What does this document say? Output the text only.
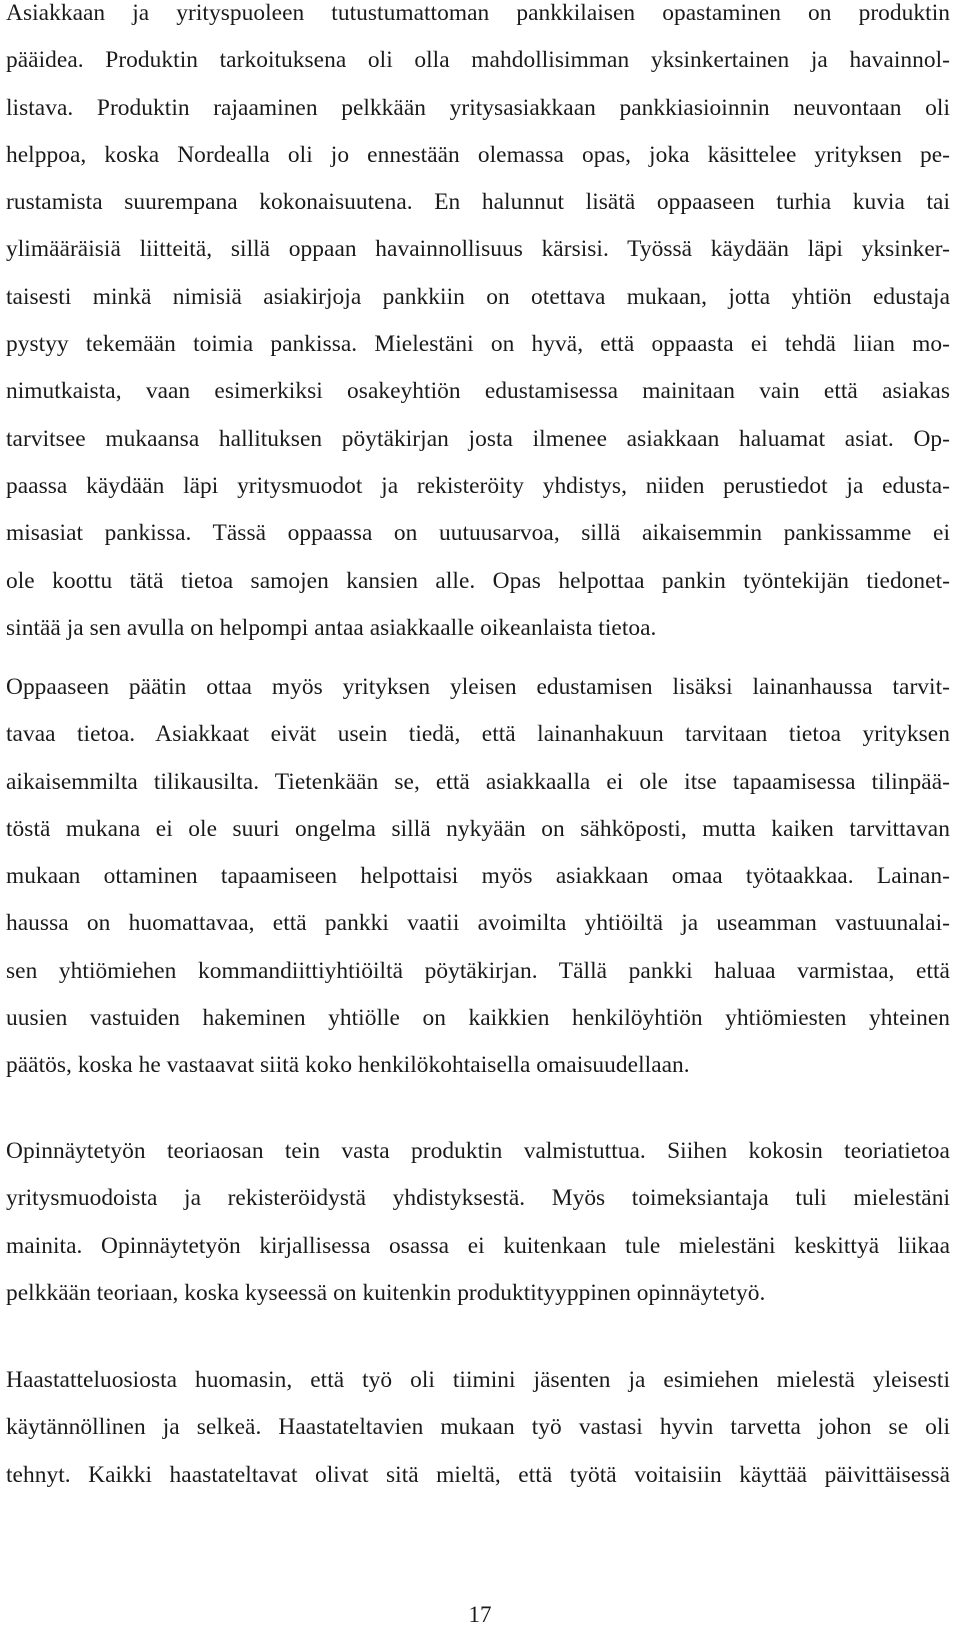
Asiakkaan ja yrityspuoleen tutustumattoman pankkilaisen opastaminen on produktin
pääidea. Produktin tarkoituksena oli olla mahdollisimman yksinkertainen ja havainnol-
listava. Produktin rajaaminen pelkkään yritysasiakkaan pankkiasioinnin neuvontaan oli
helppoa, koska Nordealla oli jo ennestään olemassa opas, joka käsittelee yrityksen pe-
rustamista suurempana kokonaisuutena. En halunnut lisätä oppaaseen turhia kuvia tai
ylimääräisiä liitteitä, sillä oppaan havainnollisuus kärsisi. Työssä käydään läpi yksinker-
taisesti minkä nimisiä asiakirjoja pankkiin on otettava mukaan, jotta yhtiön edustaja
pystyy tekemään toimia pankissa. Mielestäni on hyvä, että oppaasta ei tehdä liian mo-
nimutkaista, vaan esimerkiksi osakeyhtiön edustamisessa mainitaan vain että asiakas
tarvitsee mukaansa hallituksen pöytäkirjan josta ilmenee asiakkaan haluamat asiat. Op-
paassa käydään läpi yritysmuodot ja rekisteröity yhdistys, niiden perustiedot ja edusta-
misasiat pankissa. Tässä oppaassa on uutuusarvoa, sillä aikaisemmin pankissamme ei
ole koottu tätä tietoa samojen kansien alle. Opas helpottaa pankin työntekijän tiedonet-
sintää ja sen avulla on helpompi antaa asiakkaalle oikeanlaista tietoa.
Oppaaseen päätin ottaa myös yrityksen yleisen edustamisen lisäksi lainanhaussa tarvit-
tavaa tietoa. Asiakkaat eivät usein tiedä, että lainanhakuun tarvitaan tietoa yrityksen
aikaisemmilta tilikausilta. Tietenkään se, että asiakkaalla ei ole itse tapaamisessa tilinpää-
töstä mukana ei ole suuri ongelma sillä nykyään on sähköposti, mutta kaiken tarvittavan
mukaan ottaminen tapaamiseen helpottaisi myös asiakkaan omaa työtaakkaa. Lainan-
haussa on huomattavaa, että pankki vaatii avoimilta yhtiöiltä ja useamman vastuunalai-
sen yhtiömiehen kommandiittiyhtiöiltä pöytäkirjan. Tällä pankki haluaa varmistaa, että
uusien vastuiden hakeminen yhtiölle on kaikkien henkilöyhtiön yhtiömiesten yhteinen
päätös, koska he vastaavat siitä koko henkilökohtaisella omaisuudellaan.
Opinnäytetyön teoriaosan tein vasta produktin valmistuttua. Siihen kokosin teoriatietoa
yritysmuodoista ja rekisteröidystä yhdistyksestä. Myös toimeksiantaja tuli mielestäni
mainita. Opinnäytetyön kirjallisessa osassa ei kuitenkaan tule mielestäni keskittyä liikaa
pelkkään teoriaan, koska kyseessä on kuitenkin produktityyppinen opinnäytetyö.
Haastatteluosiosta huomasin, että työ oli tiimini jäsenten ja esimiehen mielestä yleisesti
käytännöllinen ja selkeä. Haastateltavien mukaan työ vastasi hyvin tarvetta johon se oli
tehnyt. Kaikki haastateltavat olivat sitä mieltä, että työtä voitaisiin käyttää päivittäisessä
17
